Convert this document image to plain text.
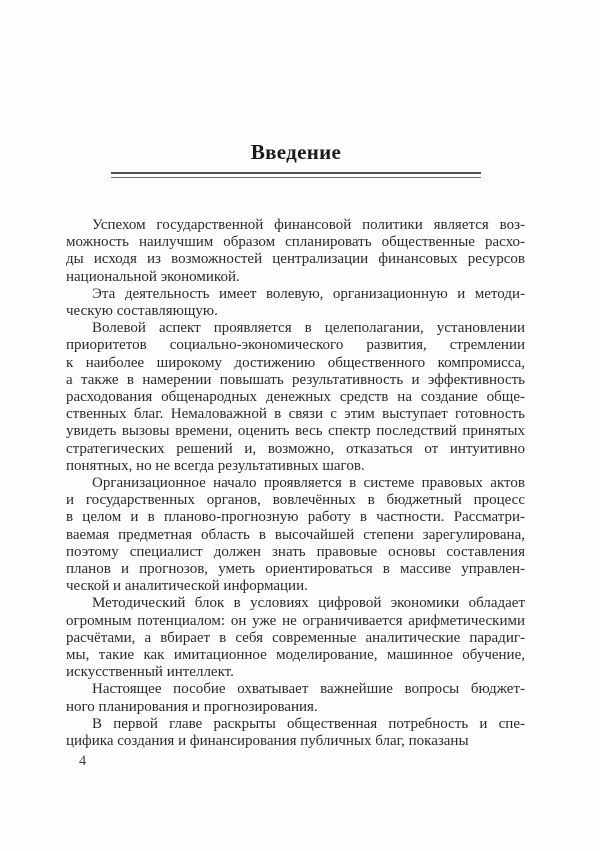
Введение
Успехом государственной финансовой политики является воз-
можность наилучшим образом спланировать общественные расхо-
ды исходя из возможностей централизации финансовых ресурсов
национальной экономикой.
Эта деятельность имеет волевую, организационную и методи-
ческую составляющую.
Волевой аспект проявляется в целеполагании, установлении
приоритетов социально-экономического развития, стремлении
к наиболее широкому достижению общественного компромисса,
а также в намерении повышать результативность и эффективность
расходования общенародных денежных средств на создание обще-
ственных благ. Немаловажной в связи с этим выступает готовность
увидеть вызовы времени, оценить весь спектр последствий принятых
стратегических решений и, возможно, отказаться от интуитивно
понятных, но не всегда результативных шагов.
Организационное начало проявляется в системе правовых актов
и государственных органов, вовлечённых в бюджетный процесс
в целом и в планово-прогнозную работу в частности. Рассматри-
ваемая предметная область в высочайшей степени зарегулирована,
поэтому специалист должен знать правовые основы составления
планов и прогнозов, уметь ориентироваться в массиве управлен-
ческой и аналитической информации.
Методический блок в условиях цифровой экономики обладает
огромным потенциалом: он уже не ограничивается арифметическими
расчётами, а вбирает в себя современные аналитические парадиг-
мы, такие как имитационное моделирование, машинное обучение,
искусственный интеллект.
Настоящее пособие охватывает важнейшие вопросы бюджет-
ного планирования и прогнозирования.
В первой главе раскрыты общественная потребность и спе-
цифика создания и финансирования публичных благ, показаны
4
